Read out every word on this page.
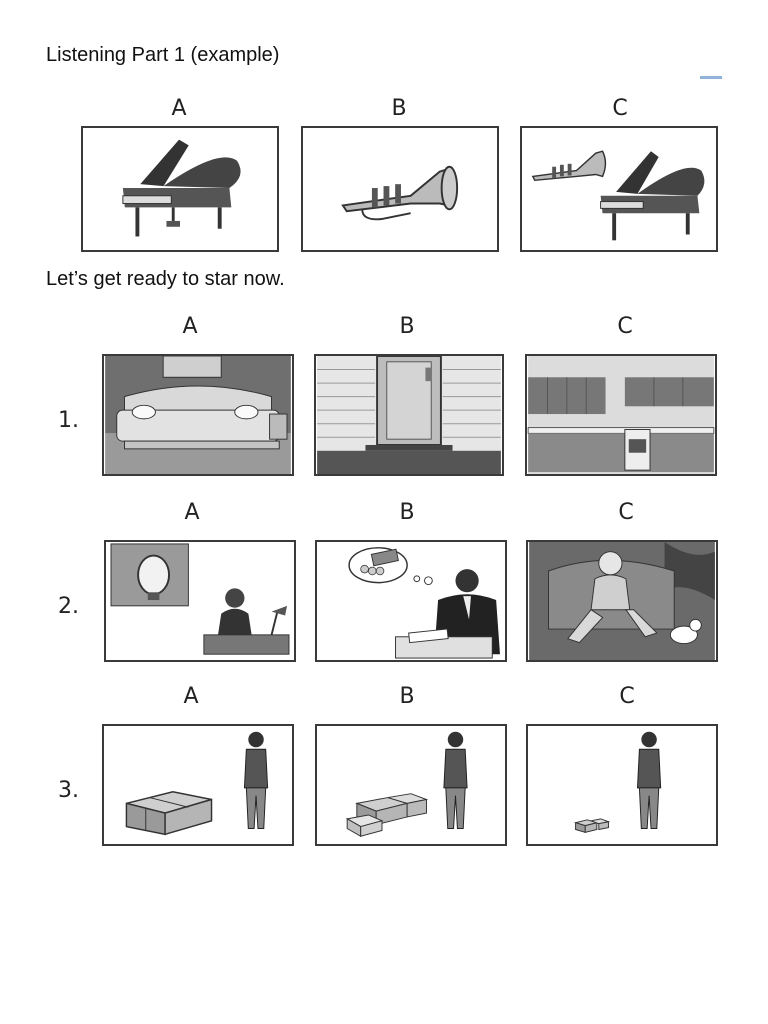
Listening Part 1 (example)
A	B	C
Let’s get ready to star now.
A	B	C
1.
A	B	C
2.
A	B	C
3.
